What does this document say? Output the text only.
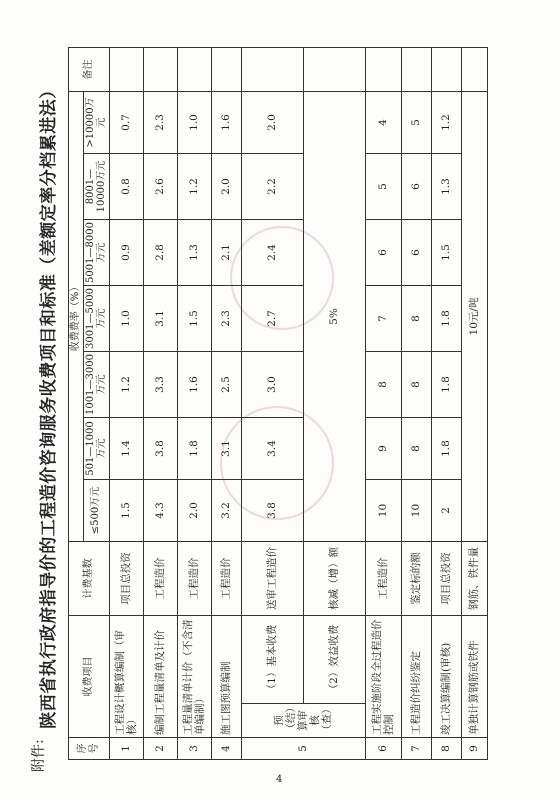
附件:
陕西省执行政府指导价的工程造价咨询服务收费项目和标准（差额定率分档累进法）
序号	收费项目		计费基数	收费费率（%）							备注
				≤500万元	501—1000万元	1001—3000万元	3001—5000万元	5001—8000万元	8001—10000万元	>10000万元	
1	工程设计概算编制（审核）		项目总投资	1.5	1.4	1.2	1.0	0.9	0.8	0.7	
2	编制工程量清单及计价		工程造价	4.3	3.8	3.3	3.1	2.8	2.6	2.3	
3	工程量清单计价（不含清单编制）		工程造价	2.0	1.8	1.6	1.5	1.3	1.2	1.0	
4	施工图预算编制		工程造价	3.2	3.1	2.5	2.3	2.1	2.0	1.6	
5	预（结）算审核（查）	（1）基本收费	送审工程造价	3.8	3.4	3.0	2.7	2.4	2.2	2.0	
		（2）效益收费	核减（增）额	5%							
6	工程实施阶段全过程造价控制		工程造价	10	9	8	7	6	5	4	
7	工程造价纠纷鉴定		鉴定标的额	10	8	8	8	6	6	5	
8	竣工决算编制(审核)		项目总投资	2	1.8	1.8	1.8	1.5	1.3	1.2	
9	单独计算钢筋或铁件		钢筋、铁件量	10元/吨							
4
